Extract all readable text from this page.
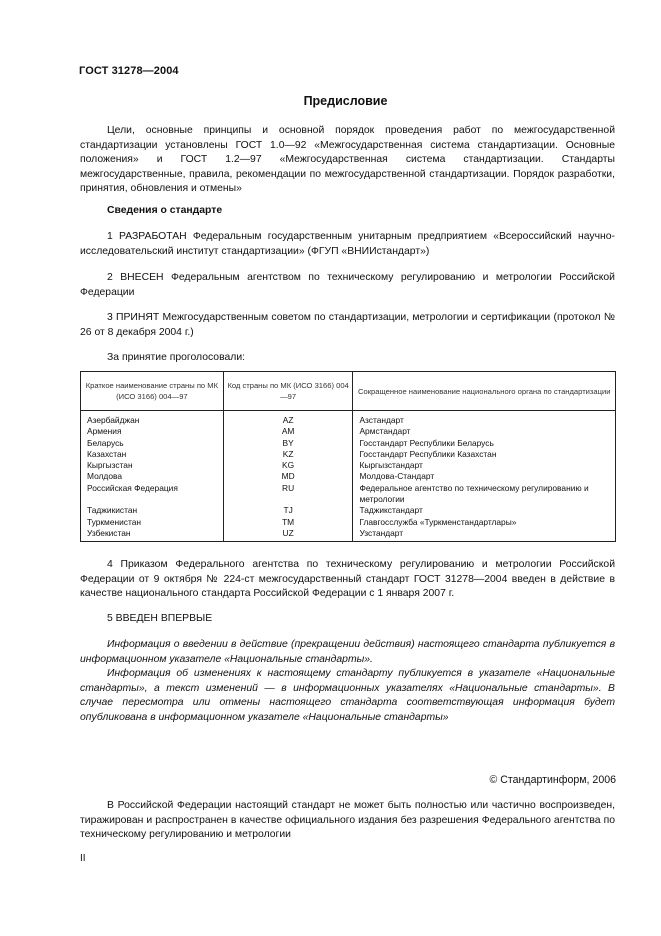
ГОСТ 31278—2004
Предисловие

Цели, основные принципы и основной порядок проведения работ по межгосударственной стандартизации установлены ГОСТ 1.0—92 «Межгосударственная система стандартизации. Основные положения» и ГОСТ 1.2—97 «Межгосударственная система стандартизации. Стандарты межгосударственные, правила, рекомендации по межгосударственной стандартизации. Порядок разработки, принятия, обновления и отмены»

Сведения о стандарте

1 РАЗРАБОТАН Федеральным государственным унитарным предприятием «Всероссийский научно-исследовательский институт стандартизации» (ФГУП «ВНИИстандарт»)

2 ВНЕСЕН Федеральным агентством по техническому регулированию и метрологии Российской Федерации

3 ПРИНЯТ Межгосударственным советом по стандартизации, метрологии и сертификации (протокол № 26 от 8 декабря 2004 г.)

За принятие проголосовали:

Краткое наименование страны по МК (ИСО 3166) 004—97	Код страны по МК (ИСО 3166) 004—97	Сокращенное наименование национального органа по стандартизации
Азербайджан	AZ	Азстандарт
Армения	AM	Армстандарт
Беларусь	BY	Госстандарт Республики Беларусь
Казахстан	KZ	Госстандарт Республики Казахстан
Кыргызстан	KG	Кыргызстандарт
Молдова	MD	Молдова-Стандарт
Российская Федерация	RU	Федеральное агентство по техническому регулированию и метрологии
Таджикистан	TJ	Таджикстандарт
Туркменистан	TM	Главгосслужба «Туркменстандартлары»
Узбекистан	UZ	Узстандарт

4 Приказом Федерального агентства по техническому регулированию и метрологии Российской Федерации от 9 октября № 224-ст межгосударственный стандарт ГОСТ 31278—2004 введен в действие в качестве национального стандарта Российской Федерации с 1 января 2007 г.

5 ВВЕДЕН ВПЕРВЫЕ

Информация о введении в действие (прекращении действия) настоящего стандарта публикуется в информационном указателе «Национальные стандарты».

Информация об изменениях к настоящему стандарту публикуется в указателе «Национальные стандарты», а текст изменений — в информационных указателях «Национальные стандарты». В случае пересмотра или отмены настоящего стандарта соответствующая информация будет опубликована в информационном указателе «Национальные стандарты»

© Стандартинформ, 2006

В Российской Федерации настоящий стандарт не может быть полностью или частично воспроизведен, тиражирован и распространен в качестве официального издания без разрешения Федерального агентства по техническому регулированию и метрологии

II
